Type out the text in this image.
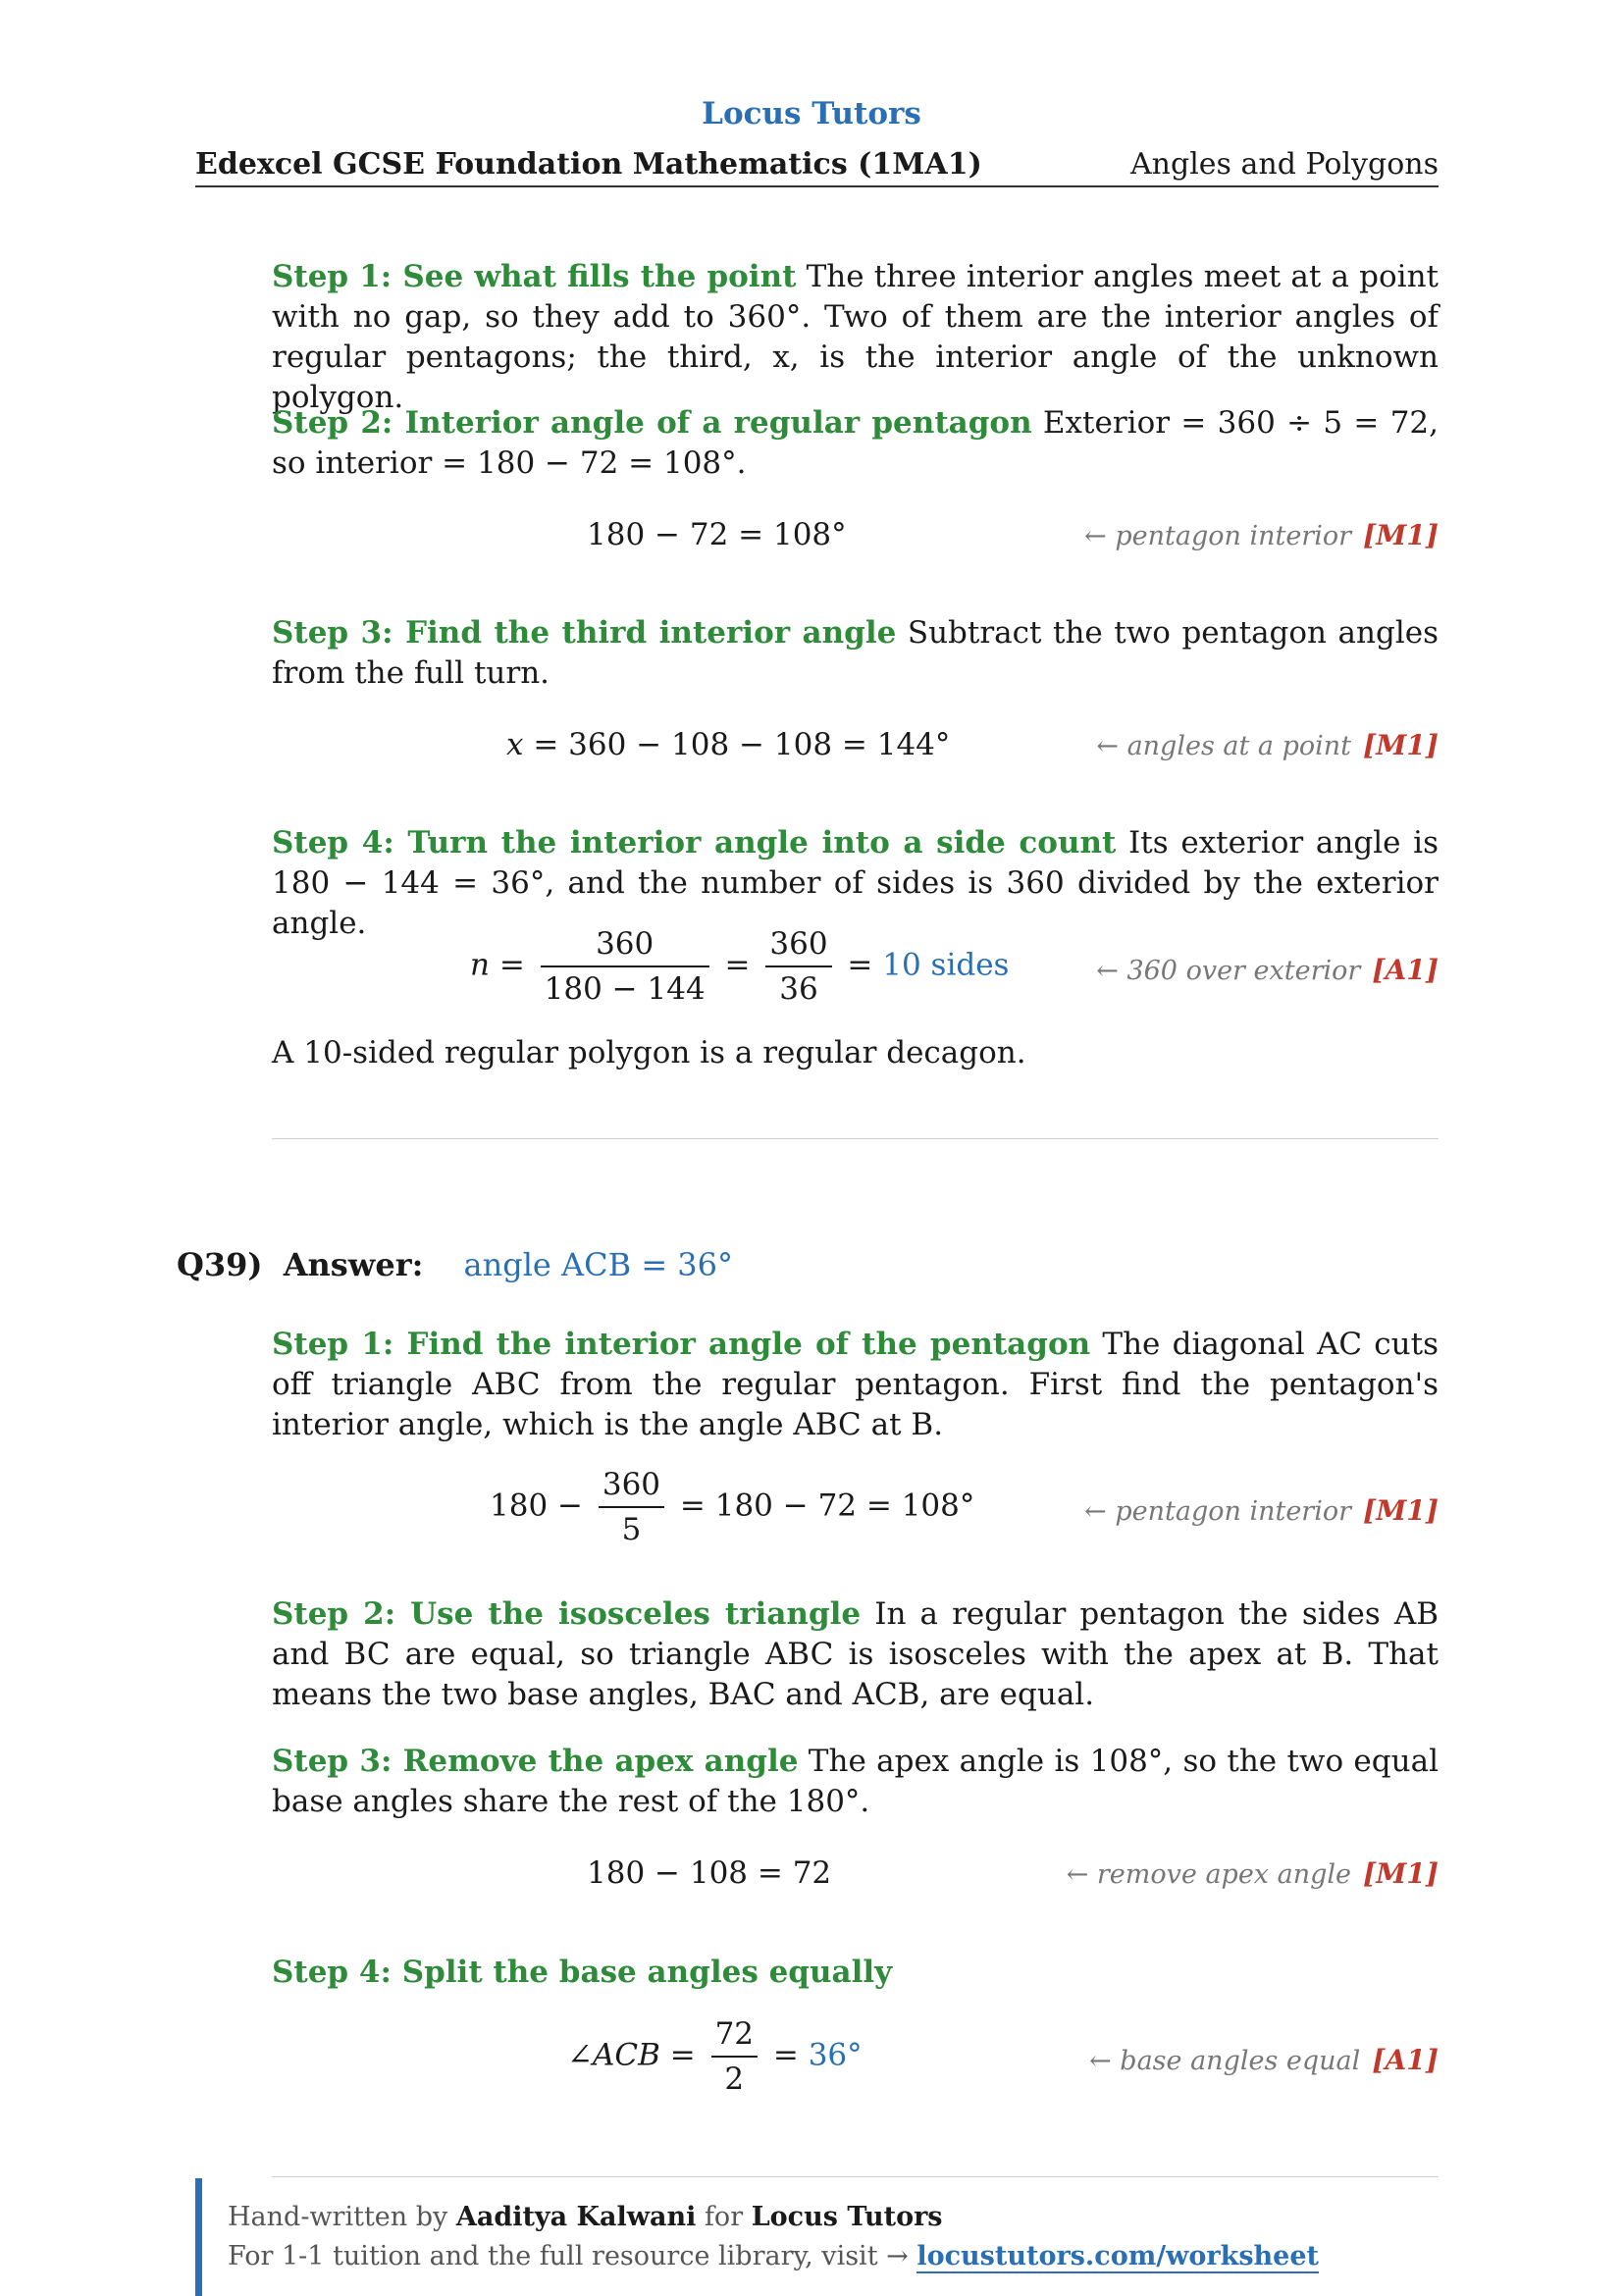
Locus Tutors
Edexcel GCSE Foundation Mathematics (1MA1)	Angles and Polygons
Step 1: See what fills the point The three interior angles meet at a point with no gap, so they add to 360°. Two of them are the interior angles of regular pentagons; the third, x, is the interior angle of the unknown polygon.
Step 2: Interior angle of a regular pentagon Exterior = 360 ÷ 5 = 72, so interior = 180 − 72 = 108°.
180 − 72 = 108°	← pentagon interior [M1]
Step 3: Find the third interior angle Subtract the two pentagon angles from the full turn.
x = 360 − 108 − 108 = 144°	← angles at a point [M1]
Step 4: Turn the interior angle into a side count Its exterior angle is 180 − 144 = 36°, and the number of sides is 360 divided by the exterior angle.
$n = \frac{360}{180 - 144} = \frac{360}{36} = 10$ sides	← 360 over exterior [A1]
A 10-sided regular polygon is a regular decagon.
Q39) Answer: angle ACB = 36°
Step 1: Find the interior angle of the pentagon The diagonal AC cuts off triangle ABC from the regular pentagon. First find the pentagon's interior angle, which is the angle ABC at B.
$180 - \frac{360}{5} = 180 - 72 = 108^\circ$	← pentagon interior [M1]
Step 2: Use the isosceles triangle In a regular pentagon the sides AB and BC are equal, so triangle ABC is isosceles with the apex at B. That means the two base angles, BAC and ACB, are equal.
Step 3: Remove the apex angle The apex angle is 108°, so the two equal base angles share the rest of the 180°.
180 − 108 = 72	← remove apex angle [M1]
Step 4: Split the base angles equally
∠ACB = $\frac{72}{2} = 36^\circ$	← base angles equal [A1]
Hand-written by Aaditya Kalwani for Locus Tutors
For 1-1 tuition and the full resource library, visit → locustutors.com/worksheet
